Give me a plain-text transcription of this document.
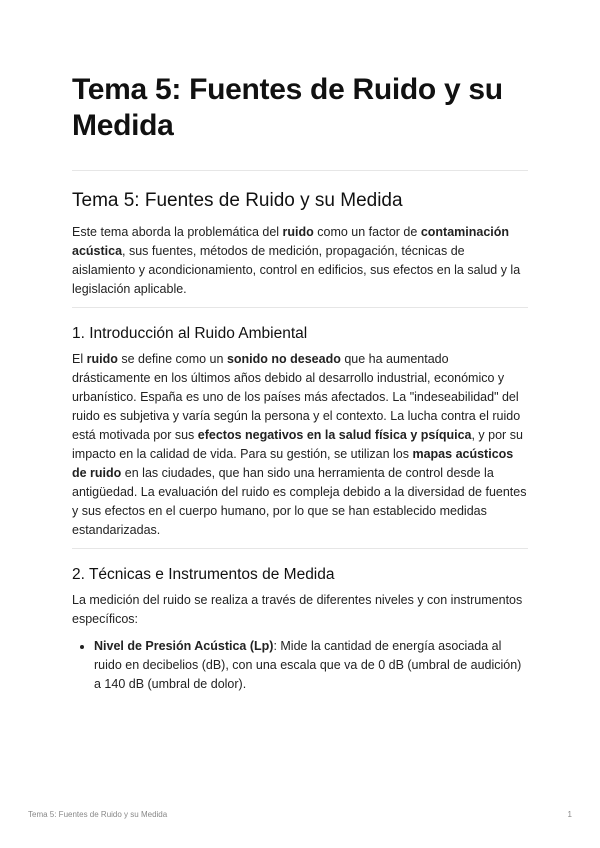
Tema 5: Fuentes de Ruido y su Medida
Tema 5: Fuentes de Ruido y su Medida

Este tema aborda la problemática del ruido como un factor de contaminación acústica, sus fuentes, métodos de medición, propagación, técnicas de aislamiento y acondicionamiento, control en edificios, sus efectos en la salud y la legislación aplicable.

1. Introducción al Ruido Ambiental

El ruido se define como un sonido no deseado que ha aumentado drásticamente en los últimos años debido al desarrollo industrial, económico y urbanístico. España es uno de los países más afectados. La "indeseabilidad" del ruido es subjetiva y varía según la persona y el contexto. La lucha contra el ruido está motivada por sus efectos negativos en la salud física y psíquica, y por su impacto en la calidad de vida. Para su gestión, se utilizan los mapas acústicos de ruido en las ciudades, que han sido una herramienta de control desde la antigüedad. La evaluación del ruido es compleja debido a la diversidad de fuentes y sus efectos en el cuerpo humano, por lo que se han establecido medidas estandarizadas.

2. Técnicas e Instrumentos de Medida

La medición del ruido se realiza a través de diferentes niveles y con instrumentos específicos:

• Nivel de Presión Acústica (Lp): Mide la cantidad de energía asociada al ruido en decibelios (dB), con una escala que va de 0 dB (umbral de audición) a 140 dB (umbral de dolor).
Tema 5: Fuentes de Ruido y su Medida	1
